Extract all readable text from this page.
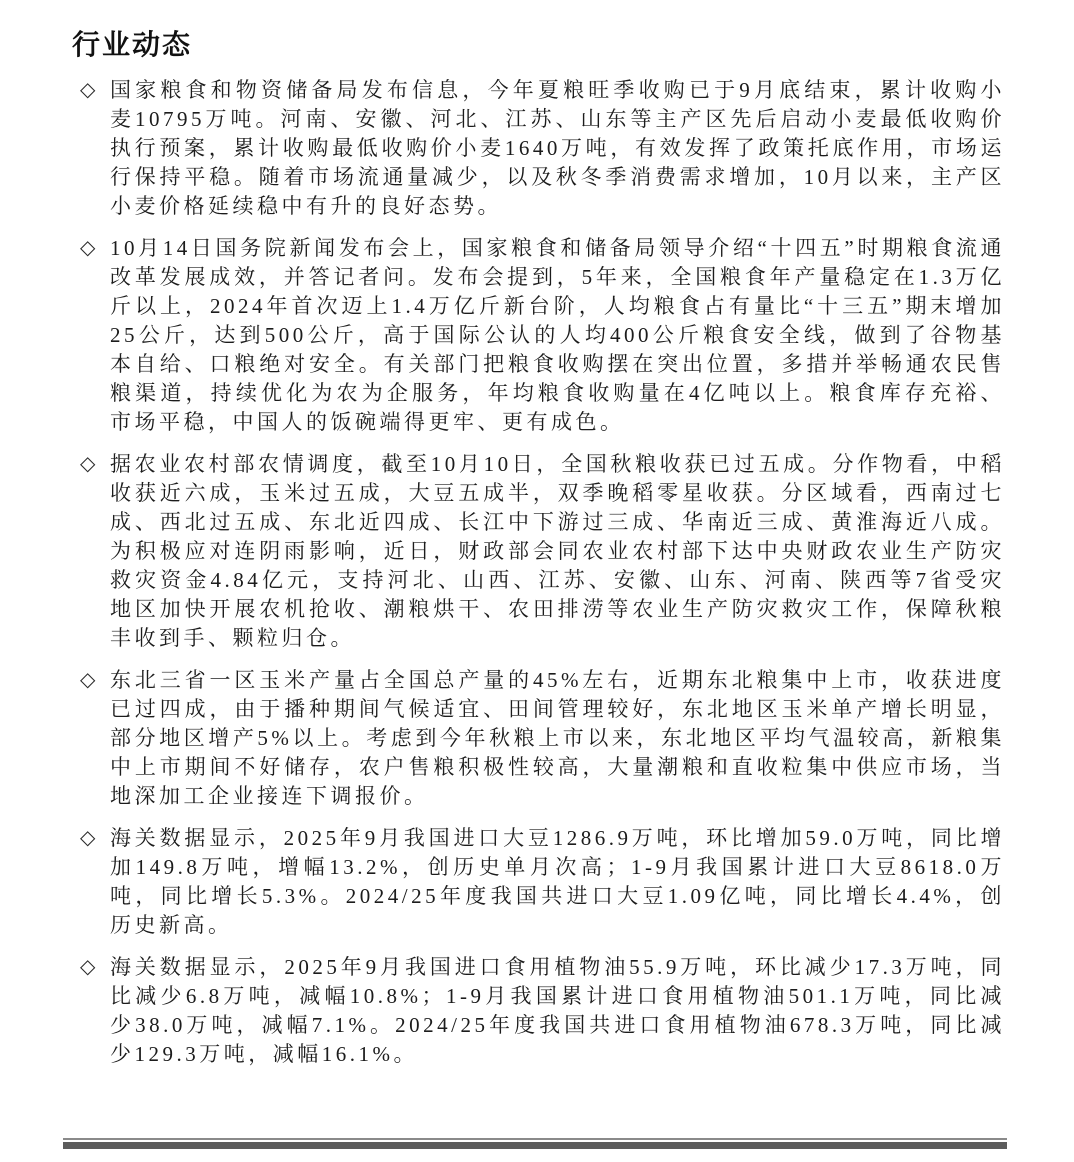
行业动态
◇ 国家粮食和物资储备局发布信息，今年夏粮旺季收购已于9月底结束，累计收购小麦10795万吨。河南、安徽、河北、江苏、山东等主产区先后启动小麦最低收购价执行预案，累计收购最低收购价小麦1640万吨，有效发挥了政策托底作用，市场运行保持平稳。随着市场流通量减少，以及秋冬季消费需求增加，10月以来，主产区小麦价格延续稳中有升的良好态势。

◇ 10月14日国务院新闻发布会上，国家粮食和储备局领导介绍“十四五”时期粮食流通改革发展成效，并答记者问。发布会提到，5年来，全国粮食年产量稳定在1.3万亿斤以上，2024年首次迈上1.4万亿斤新台阶，人均粮食占有量比“十三五”期末增加25公斤，达到500公斤，高于国际公认的人均400公斤粮食安全线，做到了谷物基本自给、口粮绝对安全。有关部门把粮食收购摆在突出位置，多措并举畅通农民售粮渠道，持续优化为农为企服务，年均粮食收购量在4亿吨以上。粮食库存充裕、市场平稳，中国人的饭碗端得更牢、更有成色。

◇ 据农业农村部农情调度，截至10月10日，全国秋粮收获已过五成。分作物看，中稻收获近六成，玉米过五成，大豆五成半，双季晚稻零星收获。分区域看，西南过七成、西北过五成、东北近四成、长江中下游过三成、华南近三成、黄淮海近八成。为积极应对连阴雨影响，近日，财政部会同农业农村部下达中央财政农业生产防灾救灾资金4.84亿元，支持河北、山西、江苏、安徽、山东、河南、陕西等7省受灾地区加快开展农机抢收、潮粮烘干、农田排涝等农业生产防灾救灾工作，保障秋粮丰收到手、颗粒归仓。

◇ 东北三省一区玉米产量占全国总产量的45%左右，近期东北粮集中上市，收获进度已过四成，由于播种期间气候适宜、田间管理较好，东北地区玉米单产增长明显，部分地区增产5%以上。考虑到今年秋粮上市以来，东北地区平均气温较高，新粮集中上市期间不好储存，农户售粮积极性较高，大量潮粮和直收粒集中供应市场，当地深加工企业接连下调报价。

◇ 海关数据显示，2025年9月我国进口大豆1286.9万吨，环比增加59.0万吨，同比增加149.8万吨，增幅13.2%，创历史单月次高；1-9月我国累计进口大豆8618.0万吨，同比增长5.3%。2024/25年度我国共进口大豆1.09亿吨，同比增长4.4%，创历史新高。

◇ 海关数据显示，2025年9月我国进口食用植物油55.9万吨，环比减少17.3万吨，同比减少6.8万吨，减幅10.8%；1-9月我国累计进口食用植物油501.1万吨，同比减少38.0万吨，减幅7.1%。2024/25年度我国共进口食用植物油678.3万吨，同比减少129.3万吨，减幅16.1%。
